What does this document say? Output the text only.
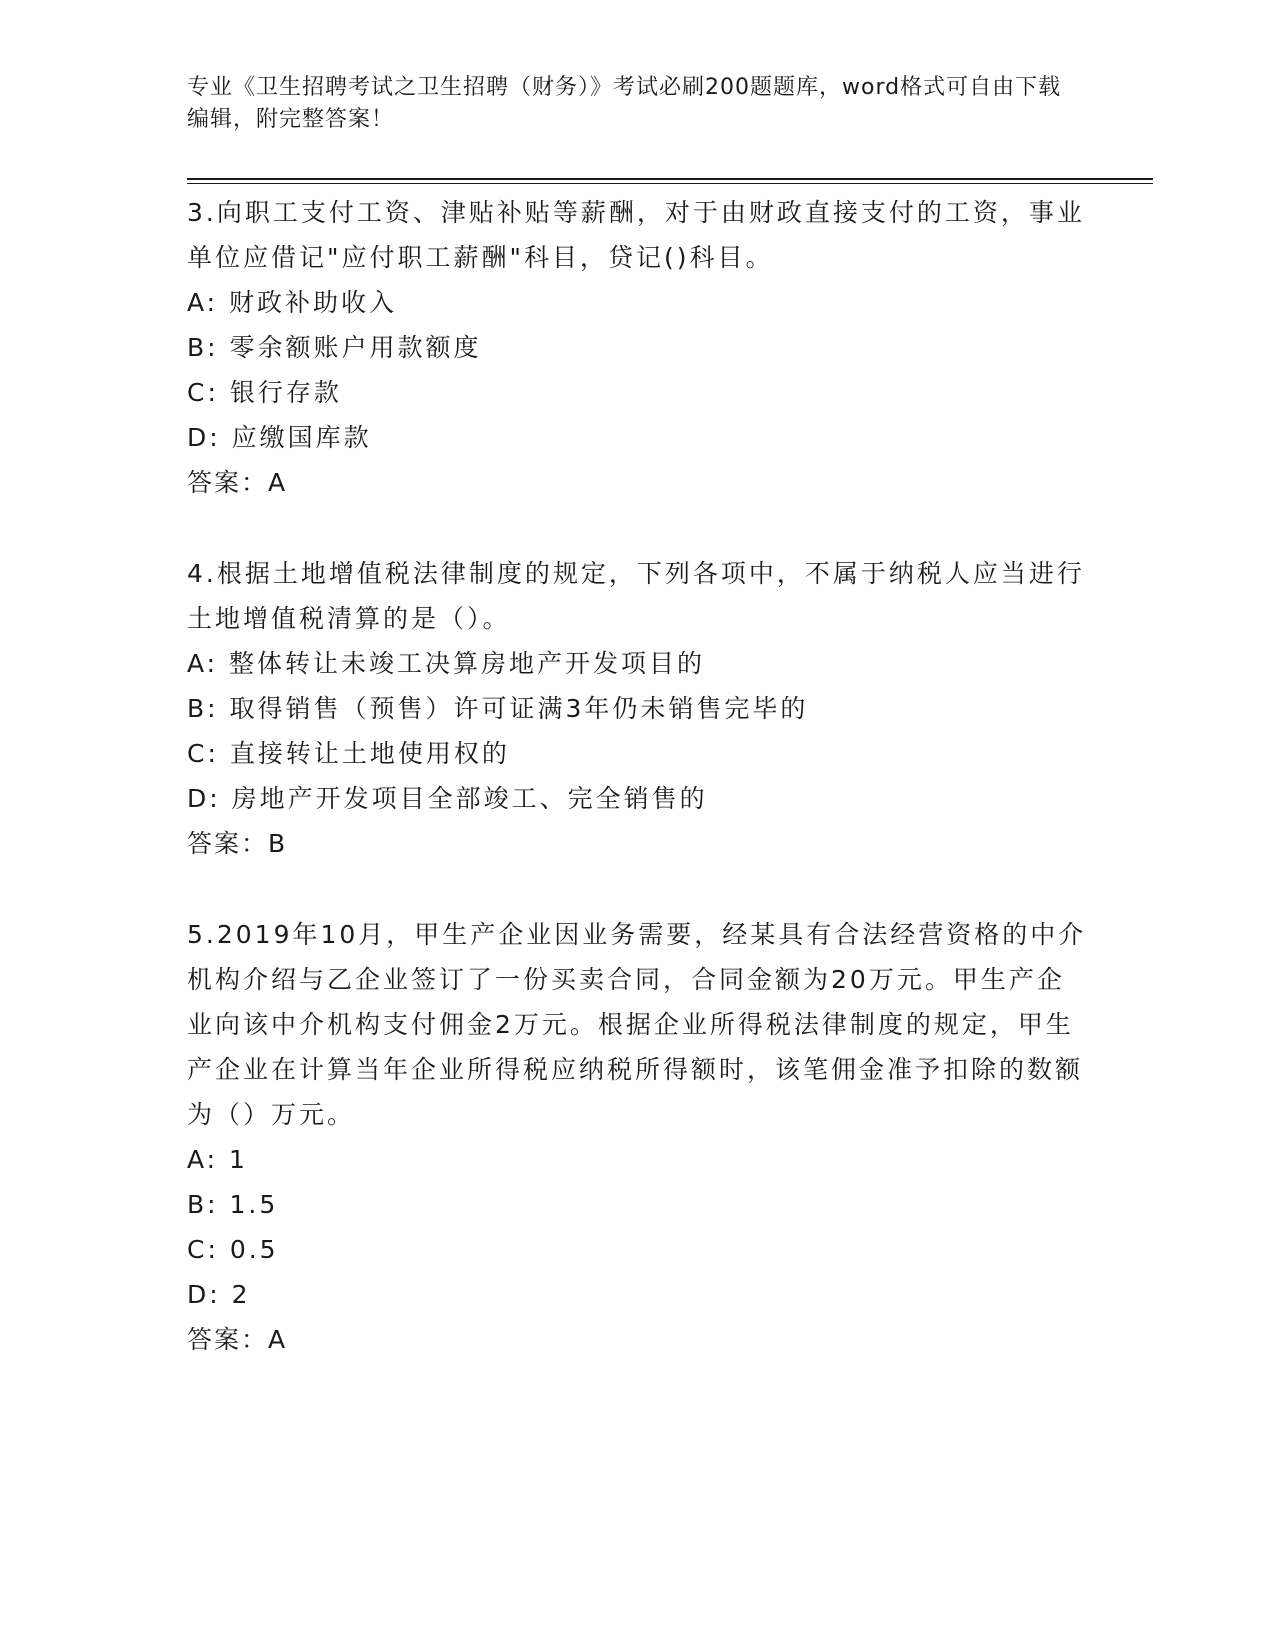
专业《卫生招聘考试之卫生招聘（财务）》考试必刷200题题库，word格式可自由下载编辑，附完整答案！
3.向职工支付工资、津贴补贴等薪酬，对于由财政直接支付的工资，事业单位应借记"应付职工薪酬"科目，贷记()科目。
A: 财政补助收入
B: 零余额账户用款额度
C: 银行存款
D: 应缴国库款
答案：A
4.根据土地增值税法律制度的规定，下列各项中，不属于纳税人应当进行土地增值税清算的是（）。
A: 整体转让未竣工决算房地产开发项目的
B: 取得销售（预售）许可证满3年仍未销售完毕的
C: 直接转让土地使用权的
D: 房地产开发项目全部竣工、完全销售的
答案：B
5.2019年10月，甲生产企业因业务需要，经某具有合法经营资格的中介机构介绍与乙企业签订了一份买卖合同，合同金额为20万元。甲生产企业向该中介机构支付佣金2万元。根据企业所得税法律制度的规定，甲生产企业在计算当年企业所得税应纳税所得额时，该笔佣金准予扣除的数额为（）万元。
A: 1
B: 1.5
C: 0.5
D: 2
答案：A
